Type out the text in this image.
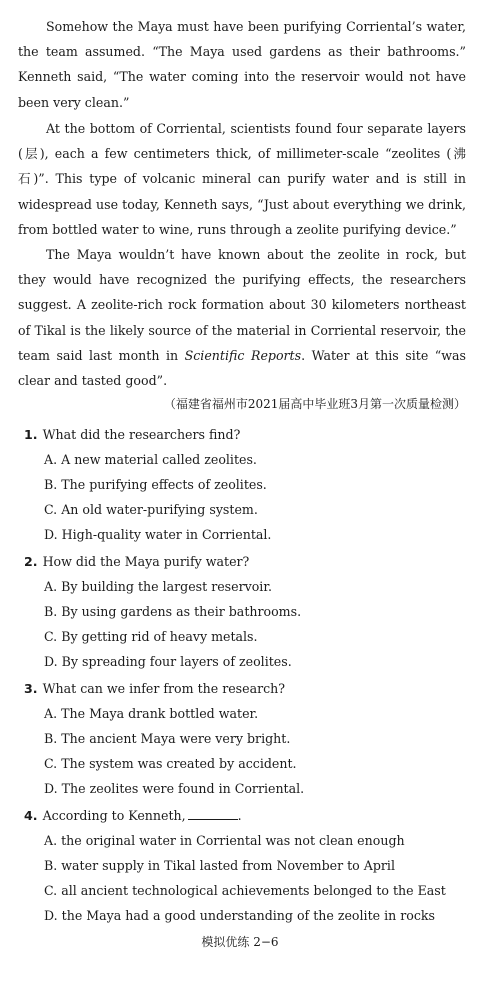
Somehow the Maya must have been purifying Corriental’s water, the team assumed. “The Maya used gardens as their bathrooms.” Kenneth said, “The water coming into the reservoir would not have been very clean.”
At the bottom of Corriental, scientists found four separate layers (层), each a few centimeters thick, of millimeter-scale “zeolites (沸石)”. This type of volcanic mineral can purify water and is still in widespread use today, Kenneth says, “Just about everything we drink, from bottled water to wine, runs through a zeolite purifying device.”
The Maya wouldn’t have known about the zeolite in rock, but they would have recognized the purifying effects, the researchers suggest. A zeolite-rich rock formation about 30 kilometers northeast of Tikal is the likely source of the material in Corriental reservoir, the team said last month in Scientific Reports. Water at this site “was clear and tasted good”.
（福建省福州市2021届高中毕业班3月第一次质量检测）
1. What did the researchers find?
A. A new material called zeolites.
B. The purifying effects of zeolites.
C. An old water-purifying system.
D. High-quality water in Corriental.
2. How did the Maya purify water?
A. By building the largest reservoir.
B. By using gardens as their bathrooms.
C. By getting rid of heavy metals.
D. By spreading four layers of zeolites.
3. What can we infer from the research?
A. The Maya drank bottled water.
B. The ancient Maya were very bright.
C. The system was created by accident.
D. The zeolites were found in Corriental.
4. According to Kenneth,	.
A. the original water in Corriental was not clean enough
B. water supply in Tikal lasted from November to April
C. all ancient technological achievements belonged to the East
D. the Maya had a good understanding of the zeolite in rocks
模拟优练 2−6
